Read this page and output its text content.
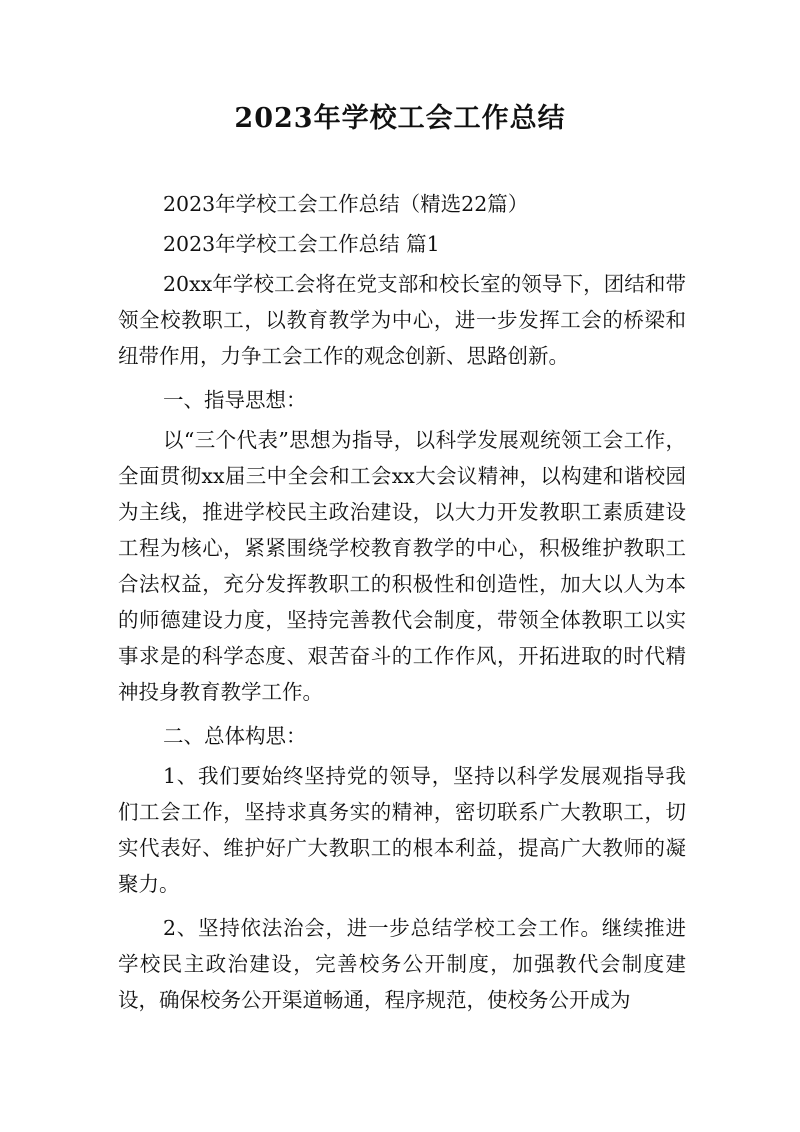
2023年学校工会工作总结

2023年学校工会工作总结（精选22篇）

2023年学校工会工作总结 篇1

20xx年学校工会将在党支部和校长室的领导下，团结和带领全校教职工，以教育教学为中心，进一步发挥工会的桥梁和纽带作用，力争工会工作的观念创新、思路创新。

一、指导思想：

以“三个代表”思想为指导，以科学发展观统领工会工作，全面贯彻xx届三中全会和工会xx大会议精神，以构建和谐校园为主线，推进学校民主政治建设，以大力开发教职工素质建设工程为核心，紧紧围绕学校教育教学的中心，积极维护教职工合法权益，充分发挥教职工的积极性和创造性，加大以人为本的师德建设力度，坚持完善教代会制度，带领全体教职工以实事求是的科学态度、艰苦奋斗的工作作风，开拓进取的时代精神投身教育教学工作。

二、总体构思：

1、我们要始终坚持党的领导，坚持以科学发展观指导我们工会工作，坚持求真务实的精神，密切联系广大教职工，切实代表好、维护好广大教职工的根本利益，提高广大教师的凝聚力。

2、坚持依法治会，进一步总结学校工会工作。继续推进学校民主政治建设，完善校务公开制度，加强教代会制度建设，确保校务公开渠道畅通，程序规范，使校务公开成为
